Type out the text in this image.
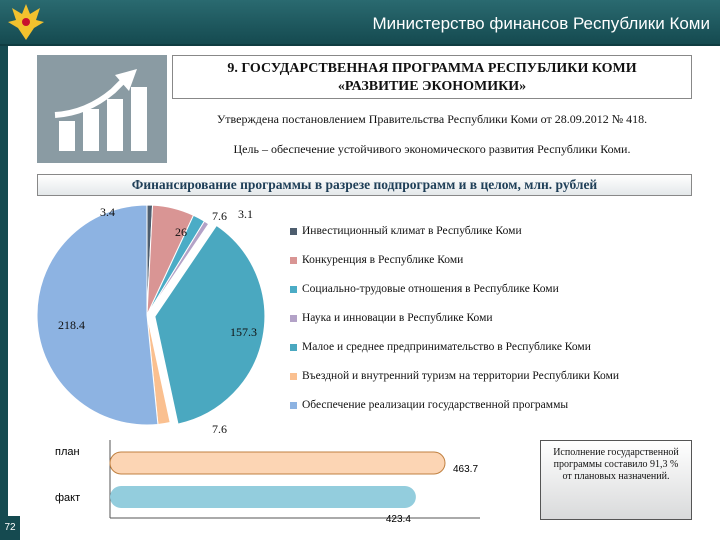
Министерство финансов Республики Коми
72
9. ГОСУДАРСТВЕННАЯ ПРОГРАММА РЕСПУБЛИКИ КОМИ
«РАЗВИТИЕ ЭКОНОМИКИ»
Утверждена постановлением Правительства Республики Коми от 28.09.2012 № 418.
Цель – обеспечение устойчивого экономического развития Республики Коми.
Финансирование программы в разрезе подпрограмм и в целом, млн. рублей
3.4
26
7.6 3.1
157.3
7.6
218.4
Инвестиционный климат в Республике Коми
Конкуренция в Республике Коми
Социально-трудовые отношения в Республике Коми
Наука и инновации в Республике Коми
Малое и среднее предпринимательство в Республике Коми
Въездной и внутренний туризм на территории Республики Коми
Обеспечение реализации государственной программы
план
463.7
факт
423.4
Исполнение государственной программы составило 91,3 % от плановых назначений.
